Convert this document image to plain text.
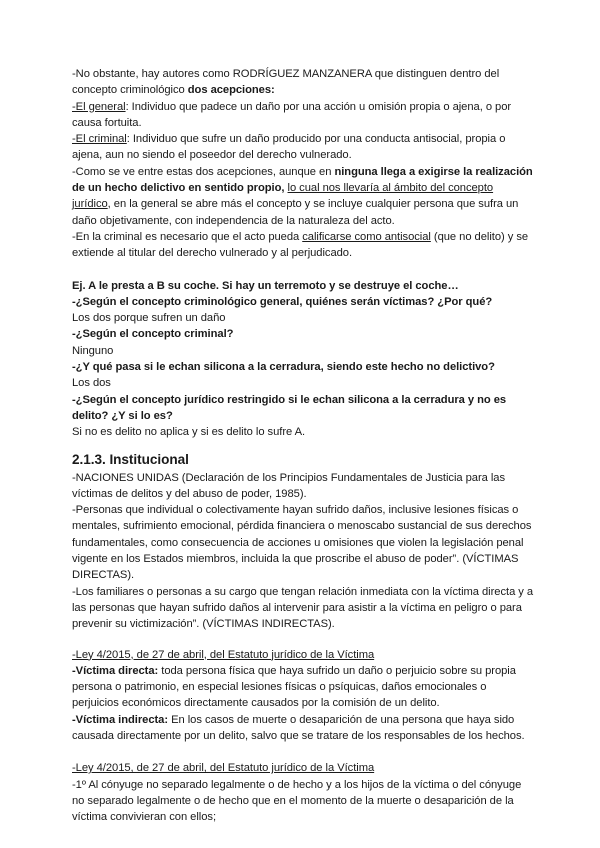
-No obstante, hay autores como RODRÍGUEZ MANZANERA que distinguen dentro del concepto criminológico dos acepciones:

-El general: Individuo que padece un daño por una acción u omisión propia o ajena, o por causa fortuita.

-El criminal: Individuo que sufre un daño producido por una conducta antisocial, propia o ajena, aun no siendo el poseedor del derecho vulnerado.

-Como se ve entre estas dos acepciones, aunque en ninguna llega a exigirse la realización de un hecho delictivo en sentido propio, lo cual nos llevaría al ámbito del concepto jurídico, en la general se abre más el concepto y se incluye cualquier persona que sufra un daño objetivamente, con independencia de la naturaleza del acto.

-En la criminal es necesario que el acto pueda calificarse como antisocial (que no delito) y se extiende al titular del derecho vulnerado y al perjudicado.

Ej. A le presta a B su coche. Si hay un terremoto y se destruye el coche…

-¿Según el concepto criminológico general, quiénes serán víctimas? ¿Por qué?

Los dos porque sufren un daño

-¿Según el concepto criminal?

Ninguno

-¿Y qué pasa si le echan silicona a la cerradura, siendo este hecho no delictivo?

Los dos

-¿Según el concepto jurídico restringido si le echan silicona a la cerradura y no es delito? ¿Y si lo es?

Si no es delito no aplica y si es delito lo sufre A.

2.1.3. Institucional

-NACIONES UNIDAS (Declaración de los Principios Fundamentales de Justicia para las víctimas de delitos y del abuso de poder, 1985).

-Personas que individual o colectivamente hayan sufrido daños, inclusive lesiones físicas o mentales, sufrimiento emocional, pérdida financiera o menoscabo sustancial de sus derechos fundamentales, como consecuencia de acciones u omisiones que violen la legislación penal vigente en los Estados miembros, incluida la que proscribe el abuso de poder”. (VÍCTIMAS DIRECTAS).

-Los familiares o personas a su cargo que tengan relación inmediata con la víctima directa y a las personas que hayan sufrido daños al intervenir para asistir a la víctima en peligro o para prevenir su victimización”. (VÍCTIMAS INDIRECTAS).

-Ley 4/2015, de 27 de abril, del Estatuto jurídico de la Víctima

-Víctima directa: toda persona física que haya sufrido un daño o perjuicio sobre su propia persona o patrimonio, en especial lesiones físicas o psíquicas, daños emocionales o perjuicios económicos directamente causados por la comisión de un delito.

-Víctima indirecta: En los casos de muerte o desaparición de una persona que haya sido causada directamente por un delito, salvo que se tratare de los responsables de los hechos.

-Ley 4/2015, de 27 de abril, del Estatuto jurídico de la Víctima

-1º Al cónyuge no separado legalmente o de hecho y a los hijos de la víctima o del cónyuge no separado legalmente o de hecho que en el momento de la muerte o desaparición de la víctima convivieran con ellos;
